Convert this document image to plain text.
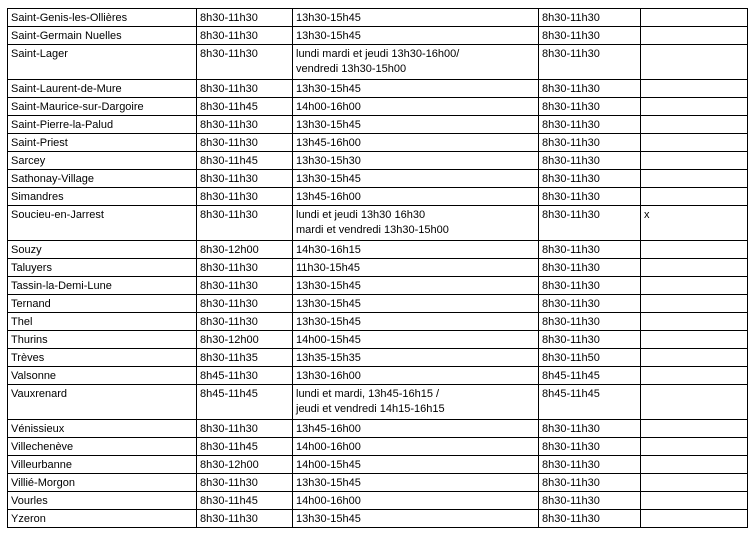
Saint-Genis-les-Ollières	8h30-11h30	13h30-15h45	8h30-11h30	
Saint-Germain Nuelles	8h30-11h30	13h30-15h45	8h30-11h30	
Saint-Lager	8h30-11h30	lundi mardi et jeudi 13h30-16h00/
vendredi 13h30-15h00	8h30-11h30	
Saint-Laurent-de-Mure	8h30-11h30	13h30-15h45	8h30-11h30	
Saint-Maurice-sur-Dargoire	8h30-11h45	14h00-16h00	8h30-11h30	
Saint-Pierre-la-Palud	8h30-11h30	13h30-15h45	8h30-11h30	
Saint-Priest	8h30-11h30	13h45-16h00	8h30-11h30	
Sarcey	8h30-11h45	13h30-15h30	8h30-11h30	
Sathonay-Village	8h30-11h30	13h30-15h45	8h30-11h30	
Simandres	8h30-11h30	13h45-16h00	8h30-11h30	
Soucieu-en-Jarrest	8h30-11h30	lundi et jeudi 13h30 16h30
mardi et vendredi 13h30-15h00	8h30-11h30	x
Souzy	8h30-12h00	14h30-16h15	8h30-11h30	
Taluyers	8h30-11h30	11h30-15h45	8h30-11h30	
Tassin-la-Demi-Lune	8h30-11h30	13h30-15h45	8h30-11h30	
Ternand	8h30-11h30	13h30-15h45	8h30-11h30	
Thel	8h30-11h30	13h30-15h45	8h30-11h30	
Thurins	8h30-12h00	14h00-15h45	8h30-11h30	
Trèves	8h30-11h35	13h35-15h35	8h30-11h50	
Valsonne	8h45-11h30	13h30-16h00	8h45-11h45	
Vauxrenard	8h45-11h45	lundi et mardi, 13h45-16h15 /
jeudi et vendredi 14h15-16h15	8h45-11h45	
Vénissieux	8h30-11h30	13h45-16h00	8h30-11h30	
Villechenève	8h30-11h45	14h00-16h00	8h30-11h30	
Villeurbanne	8h30-12h00	14h00-15h45	8h30-11h30	
Villié-Morgon	8h30-11h30	13h30-15h45	8h30-11h30	
Vourles	8h30-11h45	14h00-16h00	8h30-11h30	
Yzeron	8h30-11h30	13h30-15h45	8h30-11h30	
